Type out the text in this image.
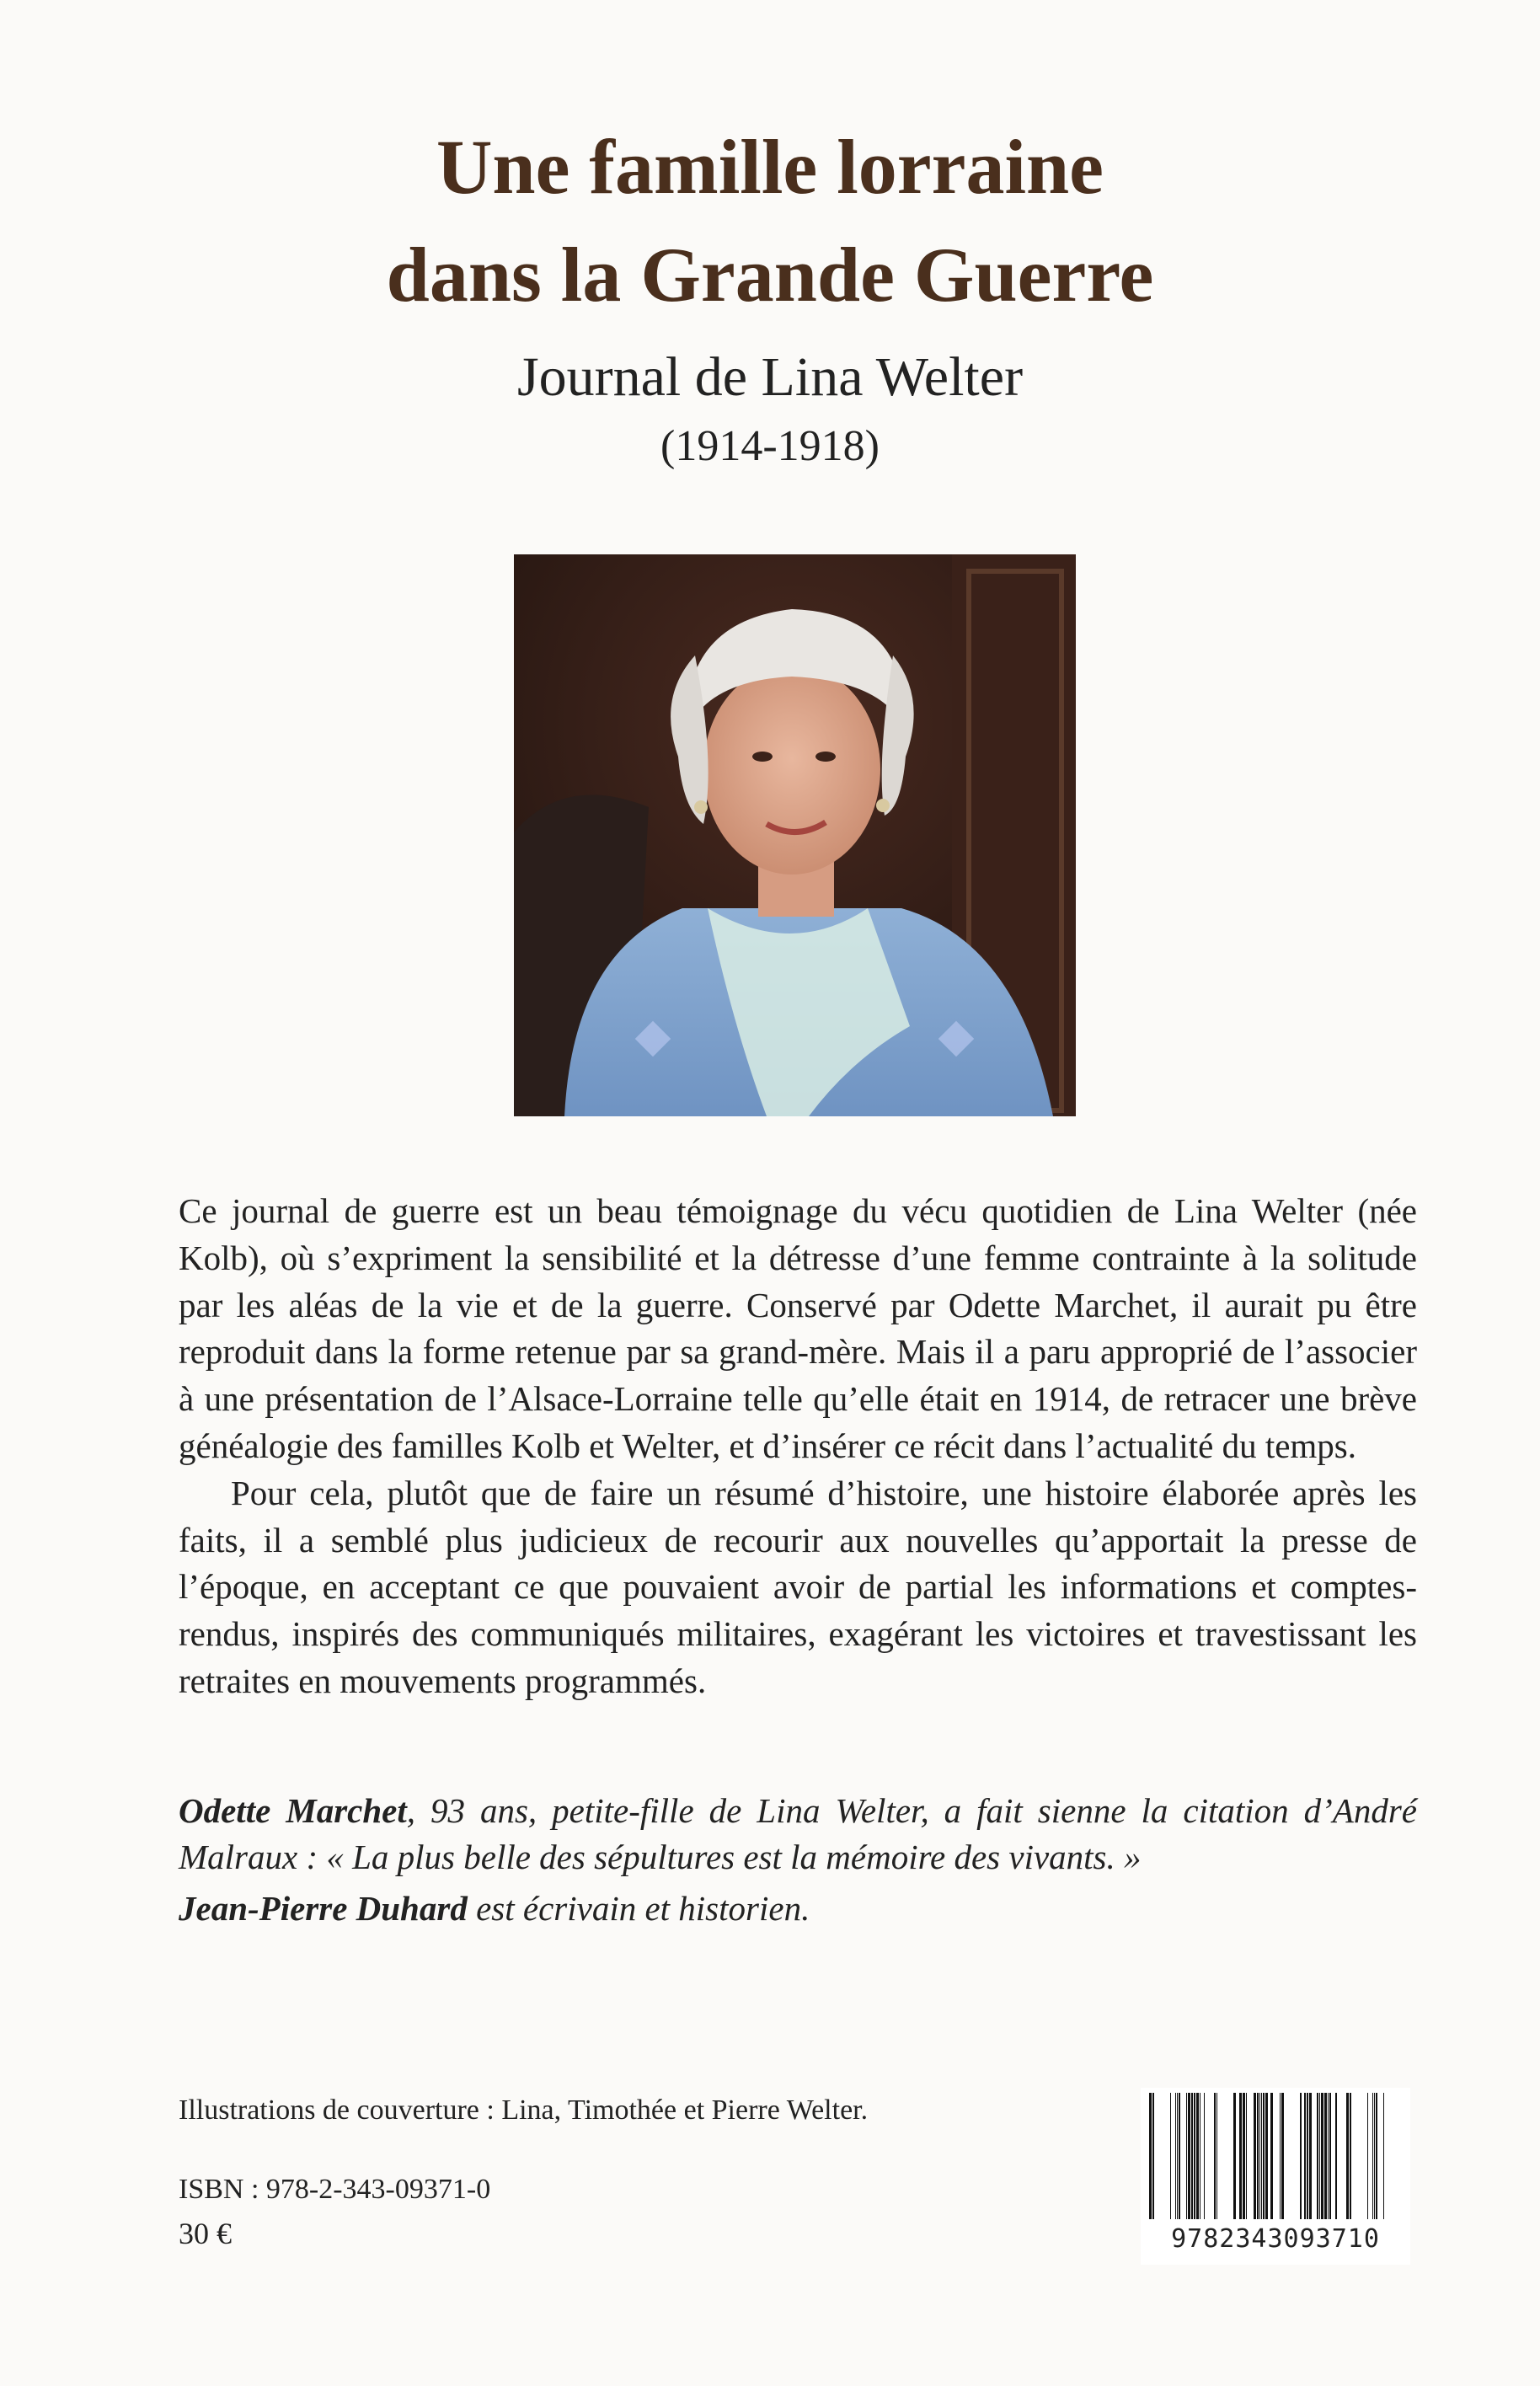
Une famille lorraine
dans la Grande Guerre
Journal de Lina Welter
(1914-1918)

Ce journal de guerre est un beau témoignage du vécu quotidien de Lina Welter (née Kolb), où s’expriment la sensibilité et la détresse d’une femme contrainte à la solitude par les aléas de la vie et de la guerre. Conservé par Odette Marchet, il aurait pu être reproduit dans la forme retenue par sa grand-mère. Mais il a paru approprié de l’associer à une présentation de l’Alsace-Lorraine telle qu’elle était en 1914, de retracer une brève généalogie des familles Kolb et Welter, et d’insérer ce récit dans l’actualité du temps.

Pour cela, plutôt que de faire un résumé d’histoire, une histoire élaborée après les faits, il a semblé plus judicieux de recourir aux nouvelles qu’apportait la presse de l’époque, en acceptant ce que pouvaient avoir de partial les informations et comptes-rendus, inspirés des communiqués militaires, exagérant les victoires et travestissant les retraites en mouvements programmés.

Odette Marchet, 93 ans, petite-fille de Lina Welter, a fait sienne la citation d’André Malraux : « La plus belle des sépultures est la mémoire des vivants. »

Jean-Pierre Duhard est écrivain et historien.

Illustrations de couverture : Lina, Timothée et Pierre Welter.
ISBN : 978-2-343-09371-0
30 €	9782343093710
